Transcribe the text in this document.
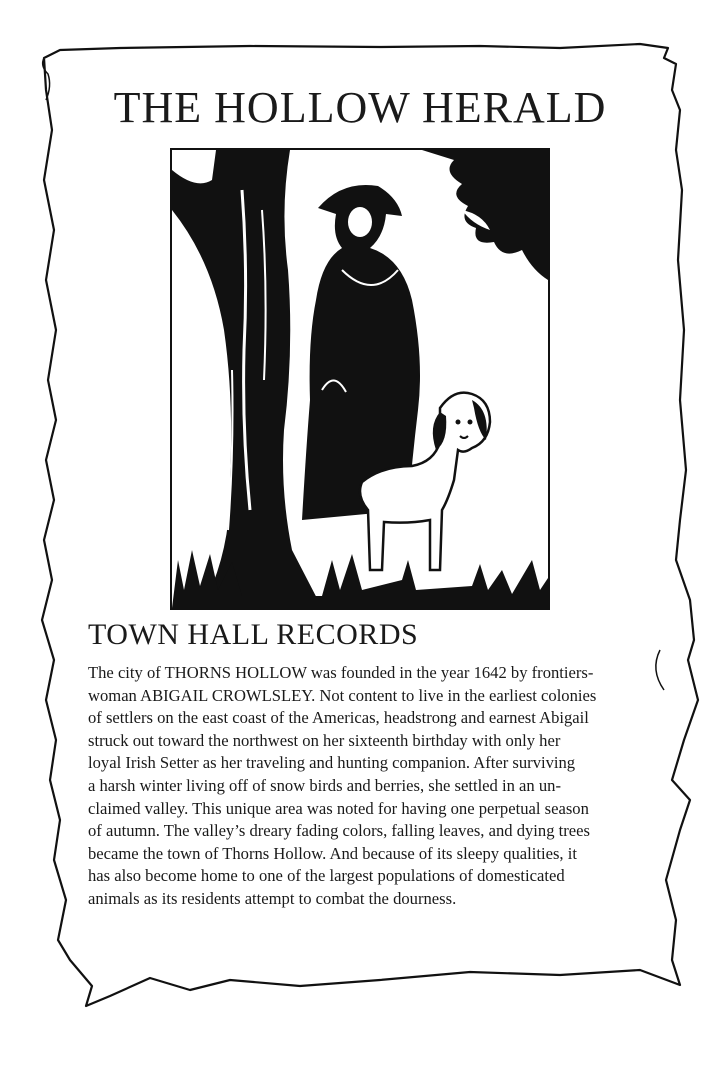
THE HOLLOW HERALD
TOWN HALL RECORDS

The city of THORNS HOLLOW was founded in the year 1642 by frontiers-
woman ABIGAIL CROWLSLEY. Not content to live in the earliest colonies
of settlers on the east coast of the Americas, headstrong and earnest Abigail
struck out toward the northwest on her sixteenth birthday with only her
loyal Irish Setter as her traveling and hunting companion. After surviving
a harsh winter living off of snow birds and berries, she settled in an un-
claimed valley. This unique area was noted for having one perpetual season
of autumn. The valley’s dreary fading colors, falling leaves, and dying trees
became the town of Thorns Hollow. And because of its sleepy qualities, it
has also become home to one of the largest populations of domesticated
animals as its residents attempt to combat the dourness.
